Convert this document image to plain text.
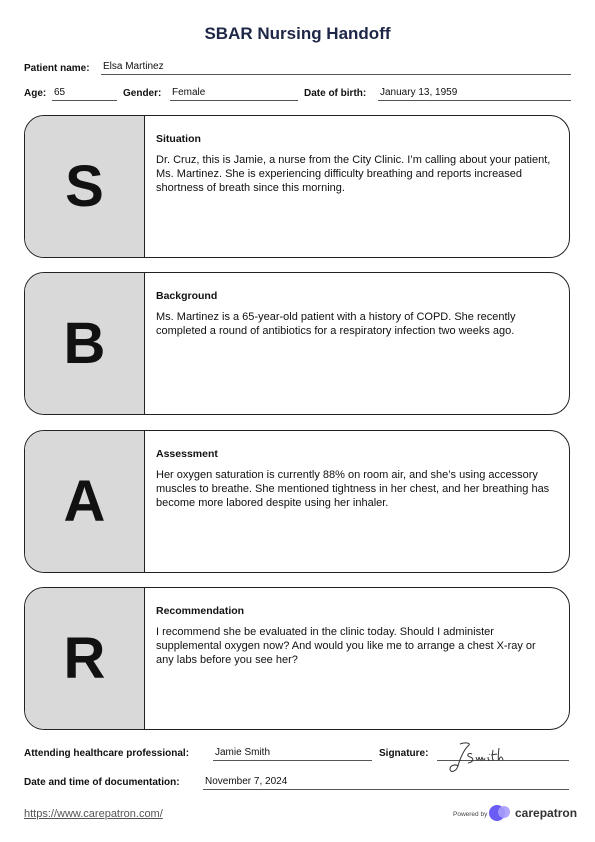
SBAR Nursing Handoff
Patient name: Elsa Martinez
Age: 65	Gender: Female	Date of birth: January 13, 1959
S
Situation
Dr. Cruz, this is Jamie, a nurse from the City Clinic. I’m calling about your patient, Ms. Martinez. She is experiencing difficulty breathing and reports increased shortness of breath since this morning.
B
Background
Ms. Martinez is a 65-year-old patient with a history of COPD. She recently completed a round of antibiotics for a respiratory infection two weeks ago.
A
Assessment
Her oxygen saturation is currently 88% on room air, and she’s using accessory muscles to breathe. She mentioned tightness in her chest, and her breathing has become more labored despite using her inhaler.
R
Recommendation
I recommend she be evaluated in the clinic today. Should I administer supplemental oxygen now? And would you like me to arrange a chest X-ray or any labs before you see her?
Attending healthcare professional:	Jamie Smith	Signature:
Date and time of documentation:	November 7, 2024
https://www.carepatron.com/	Powered by carepatron
